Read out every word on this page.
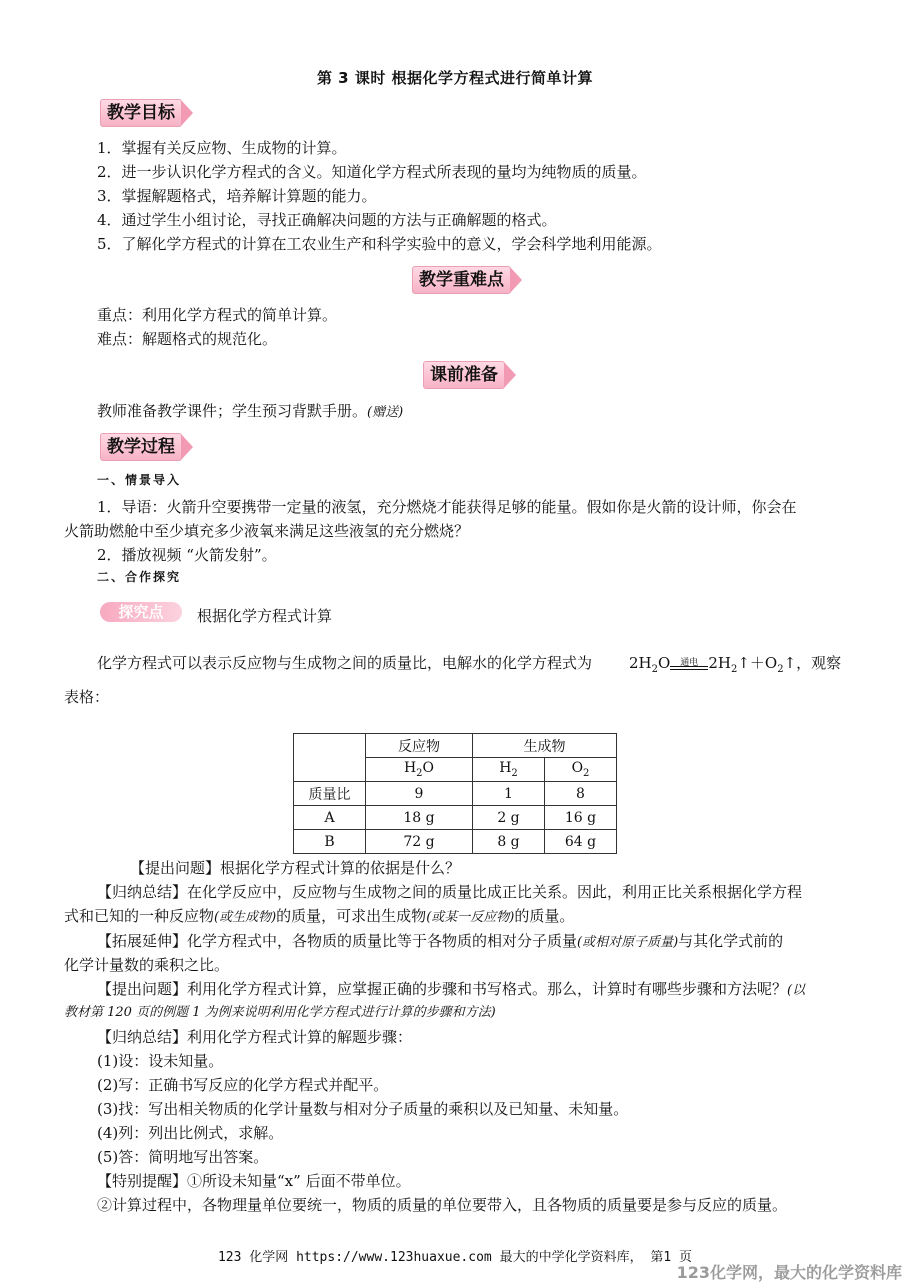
第 3 课时 根据化学方程式进行简单计算
教学目标
1．掌握有关反应物、生成物的计算。
2．进一步认识化学方程式的含义。知道化学方程式所表现的量均为纯物质的质量。
3．掌握解题格式，培养解计算题的能力。
4．通过学生小组讨论，寻找正确解决问题的方法与正确解题的格式。
5．了解化学方程式的计算在工农业生产和科学实验中的意义，学会科学地利用能源。
教学重难点
重点：利用化学方程式的简单计算。
难点：解题格式的规范化。
课前准备
教师准备教学课件；学生预习背默手册。(赠送)
教学过程
一、情景导入
1．导语：火箭升空要携带一定量的液氢，充分燃烧才能获得足够的能量。假如你是火箭的设计师，你会在
火箭助燃舱中至少填充多少液氧来满足这些液氢的充分燃烧？
2．播放视频 “火箭发射”。
二、合作探究
探究点	根据化学方程式计算
化学方程式可以表示反应物与生成物之间的质量比，电解水的化学方程式为 $2H_2O$	通电 $2H_2↑+O_2↑$，观察
表格：
	反应物	生成物	
	$H_2O$	$H_2$	$O_2$
质量比	9	1	8
A	18 g	2 g	16 g
B	72 g	8 g	64 g
【提出问题】根据化学方程式计算的依据是什么？
【归纳总结】在化学反应中，反应物与生成物之间的质量比成正比关系。因此，利用正比关系根据化学方程
式和已知的一种反应物(或生成物)的质量，可求出生成物(或某一反应物)的质量。
【拓展延伸】化学方程式中，各物质的质量比等于各物质的相对分子质量(或相对原子质量)与其化学式前的
化学计量数的乘积之比。
【提出问题】利用化学方程式计算，应掌握正确的步骤和书写格式。那么，计算时有哪些步骤和方法呢？(以
教材第 120 页的例题 1 为例来说明利用化学方程式进行计算的步骤和方法)
【归纳总结】利用化学方程式计算的解题步骤：
(1)设：设未知量。
(2)写：正确书写反应的化学方程式并配平。
(3)找：写出相关物质的化学计量数与相对分子质量的乘积以及已知量、未知量。
(4)列：列出比例式，求解。
(5)答：简明地写出答案。
【特别提醒】①所设未知量“x” 后面不带单位。
②计算过程中，各物理量单位要统一，物质的质量的单位要带入，且各物质的质量要是参与反应的质量。
123 化学网 https://www.123huaxue.com 最大的中学化学资料库， 第1 页
123化学网，最大的化学资料库
